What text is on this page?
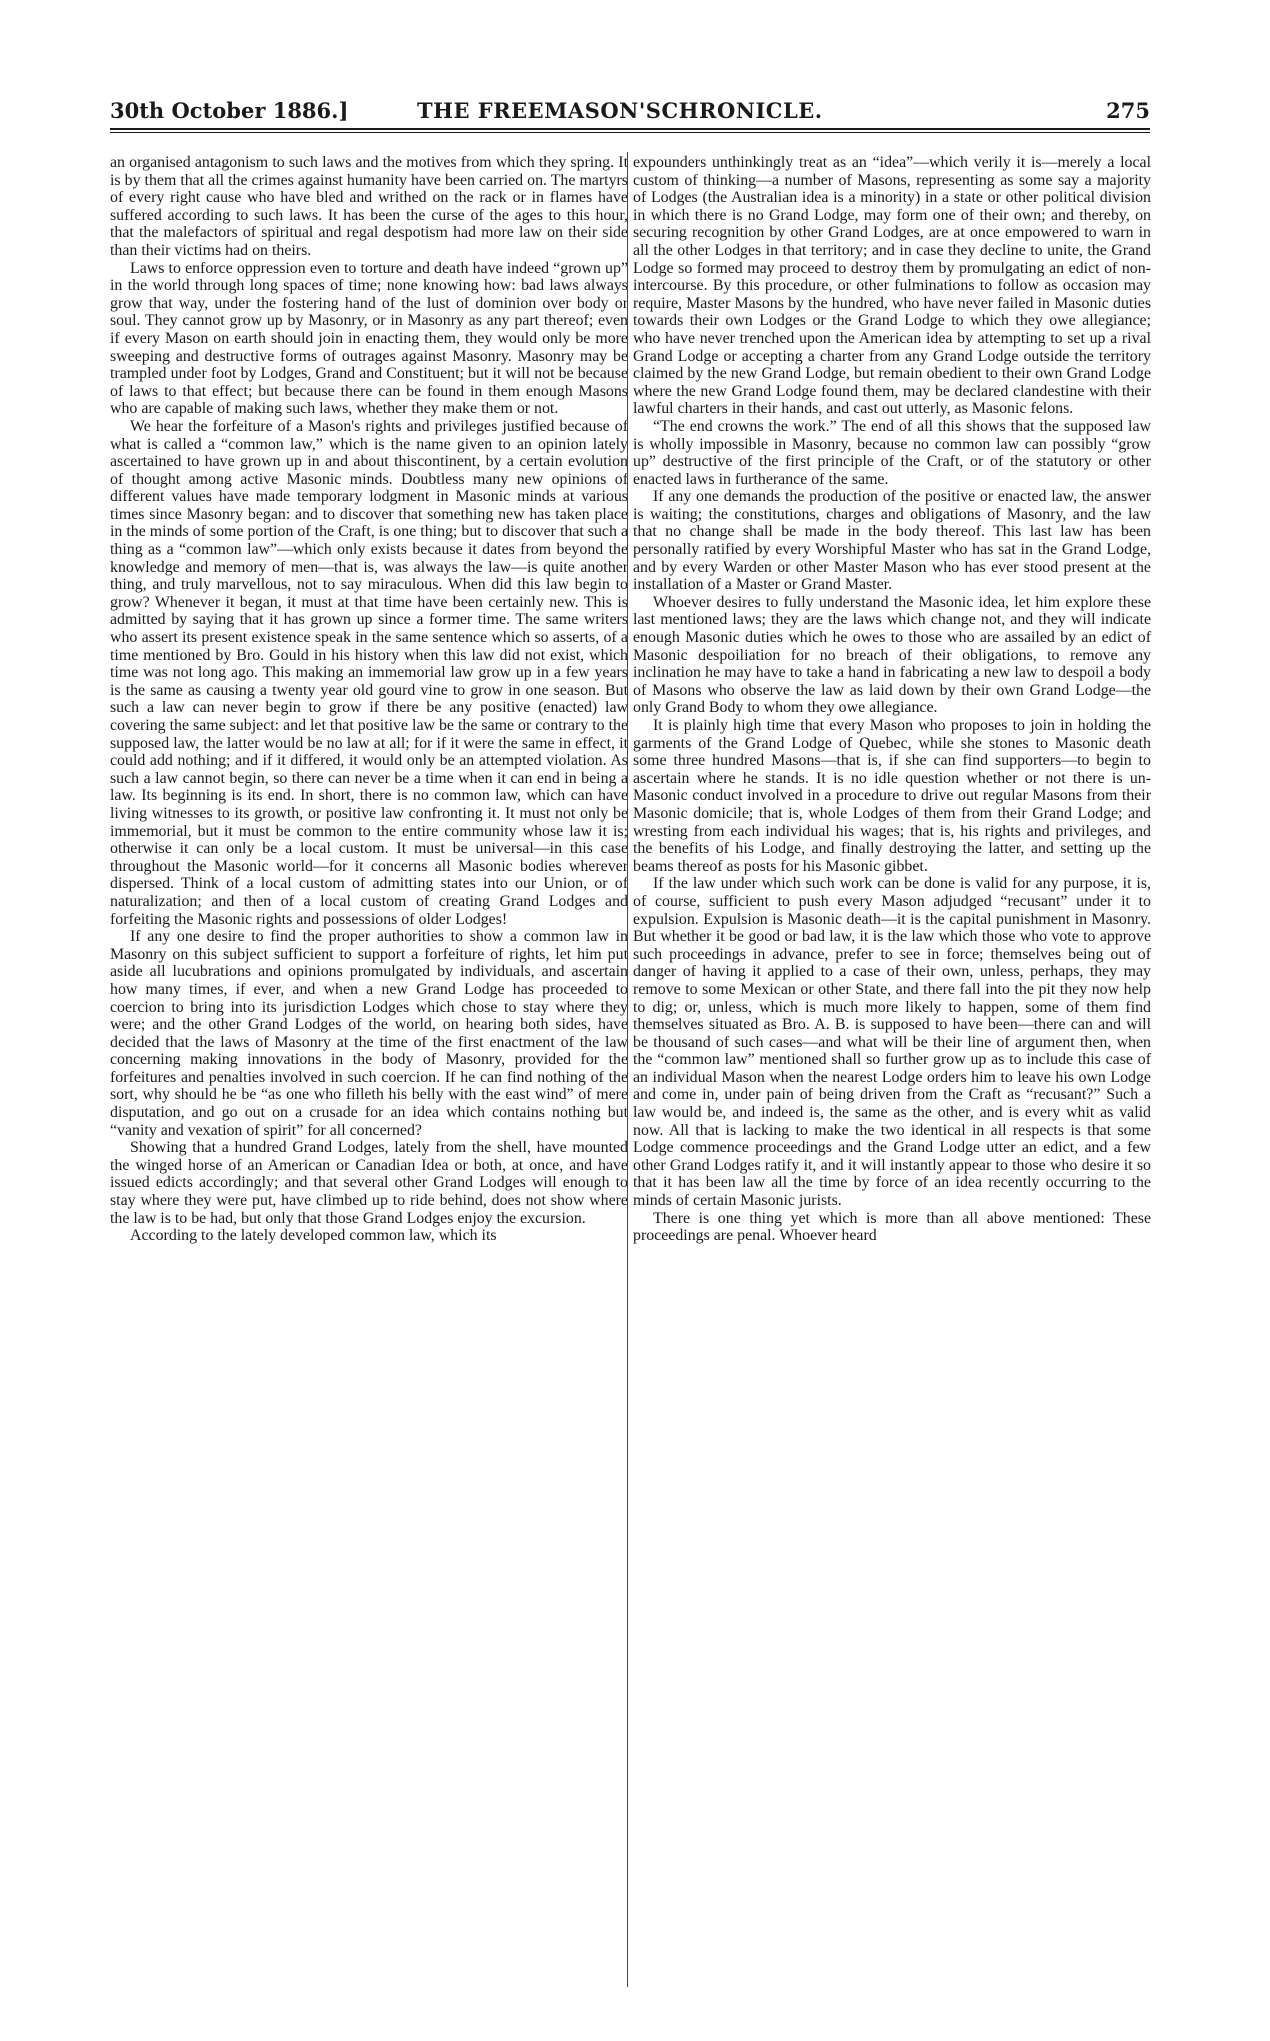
30th October 1886.]	THE FREEMASON'SCHRONICLE.	275

an organised antagonism to such laws and the motives from which they spring. It is by them that all the crimes against humanity have been carried on. The martyrs of every right cause who have bled and writhed on the rack or in flames have suffered according to such laws. It has been the curse of the ages to this hour, that the malefactors of spiritual and regal despotism had more law on their side than their victims had on theirs.

Laws to enforce oppression even to torture and death have indeed “grown up” in the world through long spaces of time; none knowing how: bad laws always grow that way, under the fostering hand of the lust of dominion over body or soul. They cannot grow up by Masonry, or in Masonry as any part thereof; even if every Mason on earth should join in enacting them, they would only be more sweeping and destructive forms of outrages against Masonry. Masonry may be trampled under foot by Lodges, Grand and Constituent; but it will not be because of laws to that effect; but because there can be found in them enough Masons who are capable of making such laws, whether they make them or not.

We hear the forfeiture of a Mason's rights and privileges justified because of what is called a “common law,” which is the name given to an opinion lately ascertained to have grown up in and about thiscontinent, by a certain evolution of thought among active Masonic minds. Doubtless many new opinions of different values have made temporary lodgment in Masonic minds at various times since Masonry began: and to discover that something new has taken place in the minds of some portion of the Craft, is one thing; but to discover that such a thing as a “common law”—which only exists because it dates from beyond the knowledge and memory of men—that is, was always the law—is quite another thing, and truly marvellous, not to say miraculous. When did this law begin to grow? Whenever it began, it must at that time have been certainly new. This is admitted by saying that it has grown up since a former time. The same writers who assert its present existence speak in the same sentence which so asserts, of a time mentioned by Bro. Gould in his history when this law did not exist, which time was not long ago. This making an immemorial law grow up in a few years is the same as causing a twenty year old gourd vine to grow in one season. But such a law can never begin to grow if there be any positive (enacted) law covering the same subject: and let that positive law be the same or contrary to the supposed law, the latter would be no law at all; for if it were the same in effect, it could add nothing; and if it differed, it would only be an attempted violation. As such a law cannot begin, so there can never be a time when it can end in being a law. Its beginning is its end. In short, there is no common law, which can have living witnesses to its growth, or positive law confronting it. It must not only be immemorial, but it must be common to the entire community whose law it is; otherwise it can only be a local custom. It must be universal—in this case throughout the Masonic world—for it concerns all Masonic bodies wherever dispersed. Think of a local custom of admitting states into our Union, or of naturalization; and then of a local custom of creating Grand Lodges and forfeiting the Masonic rights and possessions of older Lodges!

If any one desire to find the proper authorities to show a common law in Masonry on this subject sufficient to support a forfeiture of rights, let him put aside all lucubrations and opinions promulgated by individuals, and ascertain how many times, if ever, and when a new Grand Lodge has proceeded to coercion to bring into its jurisdiction Lodges which chose to stay where they were; and the other Grand Lodges of the world, on hearing both sides, have decided that the laws of Masonry at the time of the first enactment of the law concerning making innovations in the body of Masonry, provided for the forfeitures and penalties involved in such coercion. If he can find nothing of the sort, why should he be “as one who filleth his belly with the east wind” of mere disputation, and go out on a crusade for an idea which contains nothing but “vanity and vexation of spirit” for all concerned?

Showing that a hundred Grand Lodges, lately from the shell, have mounted the winged horse of an American or Canadian Idea or both, at once, and have issued edicts accordingly; and that several other Grand Lodges will enough to stay where they were put, have climbed up to ride behind, does not show where the law is to be had, but only that those Grand Lodges enjoy the excursion.

According to the lately developed common law, which its

expounders unthinkingly treat as an “idea”—which verily it is—merely a local custom of thinking—a number of Masons, representing as some say a majority of Lodges (the Australian idea is a minority) in a state or other political division in which there is no Grand Lodge, may form one of their own; and thereby, on securing recognition by other Grand Lodges, are at once empowered to warn in all the other Lodges in that territory; and in case they decline to unite, the Grand Lodge so formed may proceed to destroy them by promulgating an edict of non-intercourse. By this procedure, or other fulminations to follow as occasion may require, Master Masons by the hundred, who have never failed in Masonic duties towards their own Lodges or the Grand Lodge to which they owe allegiance; who have never trenched upon the American idea by attempting to set up a rival Grand Lodge or accepting a charter from any Grand Lodge outside the territory claimed by the new Grand Lodge, but remain obedient to their own Grand Lodge where the new Grand Lodge found them, may be declared clandestine with their lawful charters in their hands, and cast out utterly, as Masonic felons.

“The end crowns the work.” The end of all this shows that the supposed law is wholly impossible in Masonry, because no common law can possibly “grow up” destructive of the first principle of the Craft, or of the statutory or other enacted laws in furtherance of the same.

If any one demands the production of the positive or enacted law, the answer is waiting; the constitutions, charges and obligations of Masonry, and the law that no change shall be made in the body thereof. This last law has been personally ratified by every Worshipful Master who has sat in the Grand Lodge, and by every Warden or other Master Mason who has ever stood present at the installation of a Master or Grand Master.

Whoever desires to fully understand the Masonic idea, let him explore these last mentioned laws; they are the laws which change not, and they will indicate enough Masonic duties which he owes to those who are assailed by an edict of Masonic despoiliation for no breach of their obligations, to remove any inclination he may have to take a hand in fabricating a new law to despoil a body of Masons who observe the law as laid down by their own Grand Lodge—the only Grand Body to whom they owe allegiance.

It is plainly high time that every Mason who proposes to join in holding the garments of the Grand Lodge of Quebec, while she stones to Masonic death some three hundred Masons—that is, if she can find supporters—to begin to ascertain where he stands. It is no idle question whether or not there is un-Masonic conduct involved in a procedure to drive out regular Masons from their Masonic domicile; that is, whole Lodges of them from their Grand Lodge; and wresting from each individual his wages; that is, his rights and privileges, and the benefits of his Lodge, and finally destroying the latter, and setting up the beams thereof as posts for his Masonic gibbet.

If the law under which such work can be done is valid for any purpose, it is, of course, sufficient to push every Mason adjudged “recusant” under it to expulsion. Expulsion is Masonic death—it is the capital punishment in Masonry. But whether it be good or bad law, it is the law which those who vote to approve such proceedings in advance, prefer to see in force; themselves being out of danger of having it applied to a case of their own, unless, perhaps, they may remove to some Mexican or other State, and there fall into the pit they now help to dig; or, unless, which is much more likely to happen, some of them find themselves situated as Bro. A. B. is supposed to have been—there can and will be thousand of such cases—and what will be their line of argument then, when the “common law” mentioned shall so further grow up as to include this case of an individual Mason when the nearest Lodge orders him to leave his own Lodge and come in, under pain of being driven from the Craft as “recusant?” Such a law would be, and indeed is, the same as the other, and is every whit as valid now. All that is lacking to make the two identical in all respects is that some Lodge commence proceedings and the Grand Lodge utter an edict, and a few other Grand Lodges ratify it, and it will instantly appear to those who desire it so that it has been law all the time by force of an idea recently occurring to the minds of certain Masonic jurists.

There is one thing yet which is more than all above mentioned: These proceedings are penal. Whoever heard
